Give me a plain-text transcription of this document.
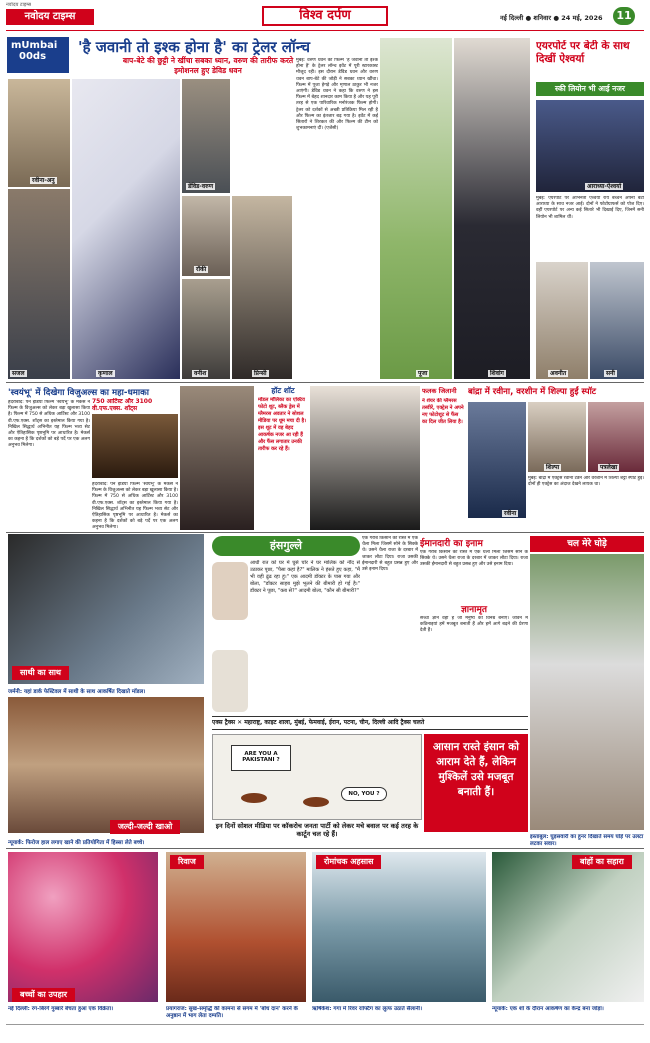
नवोदय टाइम्स
नवोदय टाइम्स	विश्व दर्पण	नई दिल्ली ● शनिवार ● 24 मई, 2026	11
mUmbai
00ds
'है जवानी तो इश्क होना है' का ट्रेलर लॉन्च
बाप-बेटे की छुट्टी ने खींचा सबका ध्यान, वरुण की तारीफ करते इमोशनल हुए डेविड धवन
रवीना-अनु
डेविड-वरुण
रॉकी
सजल	कृणाल	वनीश	प्रिन्सी	पूजा	शिवांग
मुंबई: वरुण धवन की फिल्म 'है जवानी तो इश्क होना है' के ट्रेलर लॉन्च इवेंट में पूरी स्टारकास्ट मौजूद रही। इस दौरान डेविड धवन और वरुण धवन बाप-बेटे की जोड़ी ने सबका ध्यान खींचा। फिल्म में पूजा हेगड़े और मृणाल ठाकुर भी नजर आएंगी। डेविड धवन ने कहा कि वरुण ने इस फिल्म में बेहद शानदार काम किया है और यह पूरी तरह से एक पारिवारिक मनोरंजक फिल्म होगी। ट्रेलर को दर्शकों से अच्छी प्रतिक्रिया मिल रही है और फिल्म का इंतजार बढ़ गया है। इवेंट में कई सितारों ने शिरकत की और फिल्म की टीम को शुभकामनाएं दीं। (एजेंसी)
एयरपोर्ट पर बेटी के साथ दिखीं ऐश्वर्या
स्की लियोन भी आई नजर
आराध्या-ऐश्वर्या
मुंबई: एयरपोर्ट पर अभिनेत्री ऐश्वर्या राय बच्चन अपनी बेटी आराध्या के साथ नजर आईं। दोनों ने फोटोग्राफर्स को पोज दिए। वहीं एयरपोर्ट पर अन्य कई सितारे भी दिखाई दिए, जिनमें सनी लियोन भी शामिल थीं।
अवनीत	सनी
'स्वयंभू' में दिखेगा विजुअल्स का महा-धमाका
750 आर्टिस्ट और 3100 वी.एफ.एक्स. शॉट्स
हैदराबाद: पैन इंडिया फिल्म 'स्वयंभू' के मेकर्स ने फिल्म के विजुअल्स को लेकर बड़ा खुलासा किया है। फिल्म में 750 से अधिक आर्टिस्ट और 3100 वी.एफ.एक्स. शॉट्स का इस्तेमाल किया गया है। निखिल सिद्धार्थ अभिनीत यह फिल्म भव्य सेट और ऐतिहासिक पृष्ठभूमि पर आधारित है। मेकर्स का कहना है कि दर्शकों को बड़े पर्दे पर एक अलग अनुभव मिलेगा।
हैदराबाद: पैन इंडिया फिल्म 'स्वयंभू' के मेकर्स ने फिल्म के विजुअल्स को लेकर बड़ा खुलासा किया है। फिल्म में 750 से अधिक आर्टिस्ट और 3100 वी.एफ.एक्स. शॉट्स का इस्तेमाल किया गया है। निखिल सिद्धार्थ अभिनीत यह फिल्म भव्य सेट और ऐतिहासिक पृष्ठभूमि पर आधारित है। मेकर्स का कहना है कि दर्शकों को बड़े पर्दे पर एक अलग अनुभव मिलेगा।
हॉट शॉट
मॉडल मॉलिका का एक्टिव फोटो शूट, ब्लैक ड्रेस में ग्लैमरस अवतार ने सोशल मीडिया पर धूम मचा दी है। इस शूट में वह बेहद आकर्षक नजर आ रही हैं और फैंस लगातार उनकी तारीफ कर रहे हैं।
फलक जिलानी
ने शेयर की ग्लैमरस तस्वीरें, एक्ट्रेस ने अपने नए फोटोशूट से फैंस का दिल जीत लिया है।
बांद्रा में रवीना, वरशीन में शिल्पा हुईं स्पॉट
रवीना
शिल्पा	पत्रलेखा
मुंबई: बांद्रा में एक्ट्रेस रवीना टंडन और वरशीन में शिल्पा शेट्टी स्पॉट हुईं। दोनों ही एक्ट्रेस का अंदाज देखने लायक था।
साथी का साथ
जर्मनी: यहां डार्क फेस्टिवल में साथी के साथ आकर्षित दिखाते मॉडल।
जल्दी-जल्दी खाओ
न्यूयार्क: फिरोज हाल लगाए खाने की प्रतियोगिता में हिस्सा लेते बच्चे।
हंसगुल्ले
आधी रात को घर में घुसे चोर ने घर मालिक को नींद से उठाकर पूछा, "पैसा कहां है?" मालिक ने हंसते हुए कहा, "मैं भी वही ढूंढ रहा हूं।" एक आदमी डॉक्टर के पास गया और बोला, "डॉक्टर साहब मुझे भूलने की बीमारी हो गई है।" डॉक्टर ने पूछा, "कब से?" आदमी बोला, "कौन सी बीमारी?"
ईमानदारी का इनाम
एक गरीब किसान को रास्ते में एक थैला मिला जिसमें सोने के सिक्के थे। उसने थैला राजा के दरबार में जाकर लौटा दिया। राजा उसकी ईमानदारी से बहुत प्रसन्न हुए और उसे इनाम दिया।
एक गरीब किसान को रास्ते में एक थैला मिला जिसमें सोने के सिक्के थे। उसने थैला राजा के दरबार में जाकर लौटा दिया। राजा उसकी ईमानदारी से बहुत प्रसन्न हुए और उसे इनाम दिया।
ज्ञानामृत
सच्चा ज्ञान वही है जो मनुष्य को विनम्र बनाए। जीवन में कठिनाइयां हमें मजबूत बनाती हैं और हमें आगे बढ़ने की प्रेरणा देती हैं।
चल मेरे घोड़े
इस्तांबुल: घुड़सवारी का हुनर दिखाते समय घोड़े पर उलटा लटका सवार।
एक्स ट्रैक्स ✕ महाराष्ट्र, काइट शाला, मुंबई, फेमवाई, ईरान, पटना, चीन, दिल्ली आदि ट्रैक्स चलते
आसान रास्ते इंसान को आराम देते हैं, लेकिन मुश्किलें उसे मजबूत बनाती हैं।
ARE YOU A PAKISTANI ?
NO, YOU ?
इन दिनों सोशल मीडिया पर कॉकरोच जनता पार्टी को लेकर मचे बवाल पर कई तरह के कार्टून चल रहे हैं।
बच्चों का उपहार
नई दिल्ली: रंग-बिरंगे गुब्बारे बेचता हुआ एक विक्रेता।
रिवाज
प्रयागराज: सुख-समृद्धि की कामना से संगम में 'बाँध दान' करने के अनुष्ठान में भाग लेता दम्पति।
रोमांचक अहसास
ऋषिकेश: गंगा में रिवर राफ्टिंग का लुत्फ उठाते सैलानी।
बांहों का सहारा
न्यूयार्क: एक शो के दौरान आकर्षण का केन्द्र बना जोड़ा।
